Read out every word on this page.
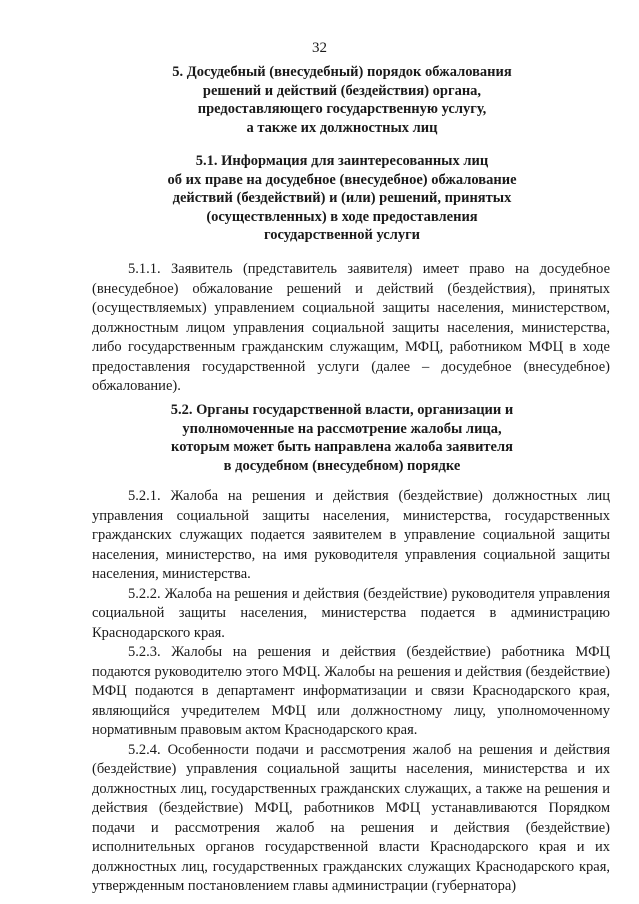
32
5. Досудебный (внесудебный) порядок обжалования
решений и действий (бездействия) органа,
предоставляющего государственную услугу,
а также их должностных лиц
5.1. Информация для заинтересованных лиц
об их праве на досудебное (внесудебное) обжалование
действий (бездействий) и (или) решений, принятых
(осуществленных) в ходе предоставления
государственной услуги

5.1.1. Заявитель (представитель заявителя) имеет право на досудебное (внесудебное) обжалование решений и действий (бездействия), принятых (осуществляемых) управлением социальной защиты населения, министерством, должностным лицом управления социальной защиты населения, министерства, либо государственным гражданским служащим, МФЦ, работником МФЦ в ходе предоставления государственной услуги (далее – досудебное (внесудебное) обжалование).

5.2. Органы государственной власти, организации и
уполномоченные на рассмотрение жалобы лица,
которым может быть направлена жалоба заявителя
в досудебном (внесудебном) порядке

5.2.1. Жалоба на решения и действия (бездействие) должностных лиц управления социальной защиты населения, министерства, государственных гражданских служащих подается заявителем в управление социальной защиты населения, министерство, на имя руководителя управления социальной защиты населения, министерства.

5.2.2. Жалоба на решения и действия (бездействие) руководителя управления социальной защиты населения, министерства подается в администрацию Краснодарского края.

5.2.3. Жалобы на решения и действия (бездействие) работника МФЦ подаются руководителю этого МФЦ. Жалобы на решения и действия (бездействие) МФЦ подаются в департамент информатизации и связи Краснодарского края, являющийся учредителем МФЦ или должностному лицу, уполномоченному нормативным правовым актом Краснодарского края.

5.2.4. Особенности подачи и рассмотрения жалоб на решения и действия (бездействие) управления социальной защиты населения, министерства и их должностных лиц, государственных гражданских служащих, а также на решения и действия (бездействие) МФЦ, работников МФЦ устанавливаются Порядком подачи и рассмотрения жалоб на решения и действия (бездействие) исполнительных органов государственной власти Краснодарского края и их должностных лиц, государственных гражданских служащих Краснодарского края, утвержденным постановлением главы администрации (губернатора)
